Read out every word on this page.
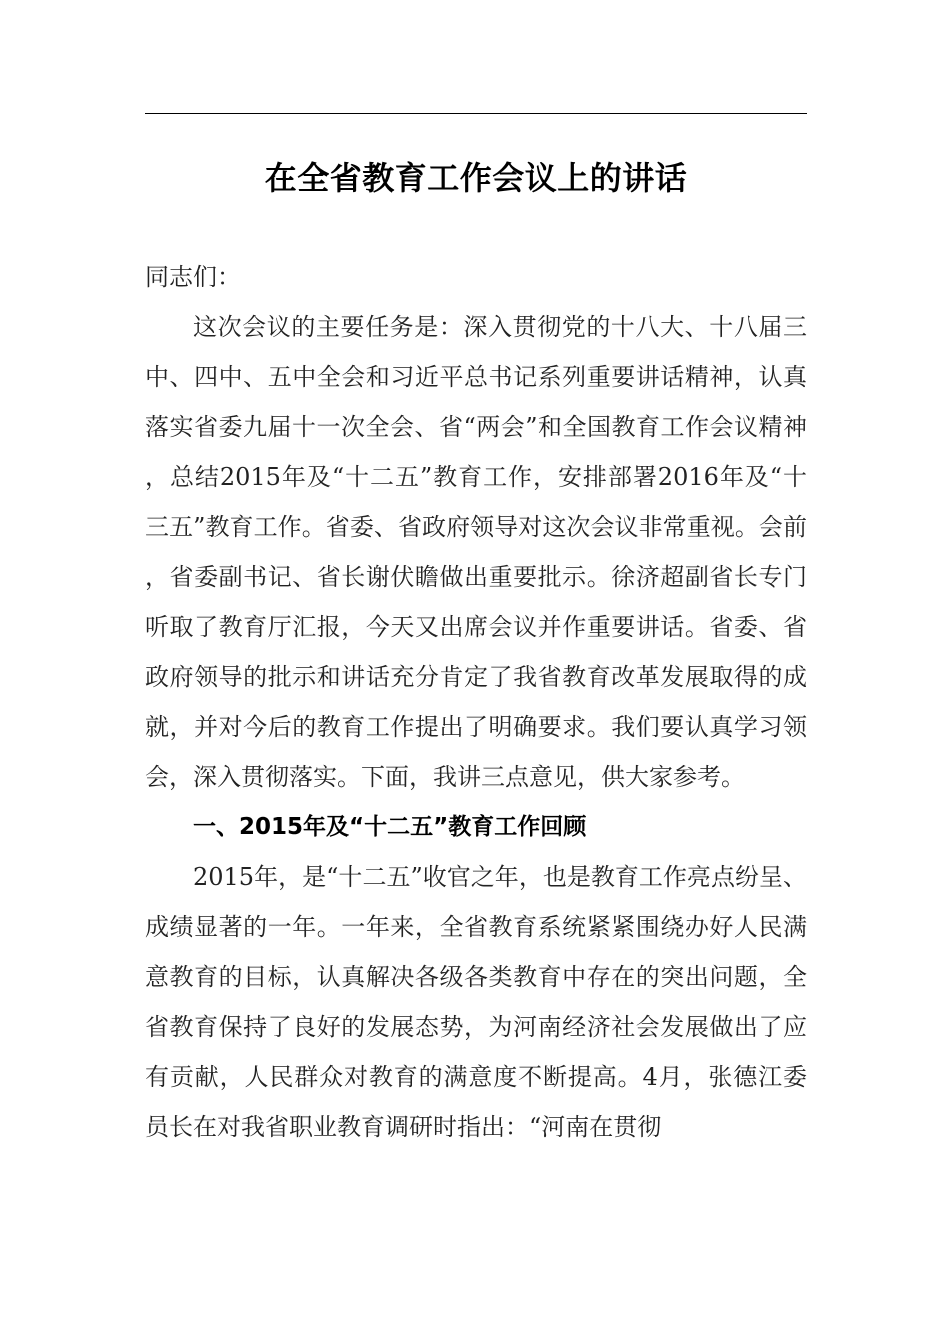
在全省教育工作会议上的讲话

同志们：

这次会议的主要任务是：深入贯彻党的十八大、十八届三中、四中、五中全会和习近平总书记系列重要讲话精神，认真落实省委九届十一次全会、省“两会”和全国教育工作会议精神，总结2015年及“十二五”教育工作，安排部署2016年及“十三五”教育工作。省委、省政府领导对这次会议非常重视。会前，省委副书记、省长谢伏瞻做出重要批示。徐济超副省长专门听取了教育厅汇报，今天又出席会议并作重要讲话。省委、省政府领导的批示和讲话充分肯定了我省教育改革发展取得的成就，并对今后的教育工作提出了明确要求。我们要认真学习领会，深入贯彻落实。下面，我讲三点意见，供大家参考。

一、2015年及“十二五”教育工作回顾

2015年，是“十二五”收官之年，也是教育工作亮点纷呈、成绩显著的一年。一年来，全省教育系统紧紧围绕办好人民满意教育的目标，认真解决各级各类教育中存在的突出问题，全省教育保持了良好的发展态势，为河南经济社会发展做出了应有贡献，人民群众对教育的满意度不断提高。4月，张德江委员长在对我省职业教育调研时指出：“河南在贯彻
